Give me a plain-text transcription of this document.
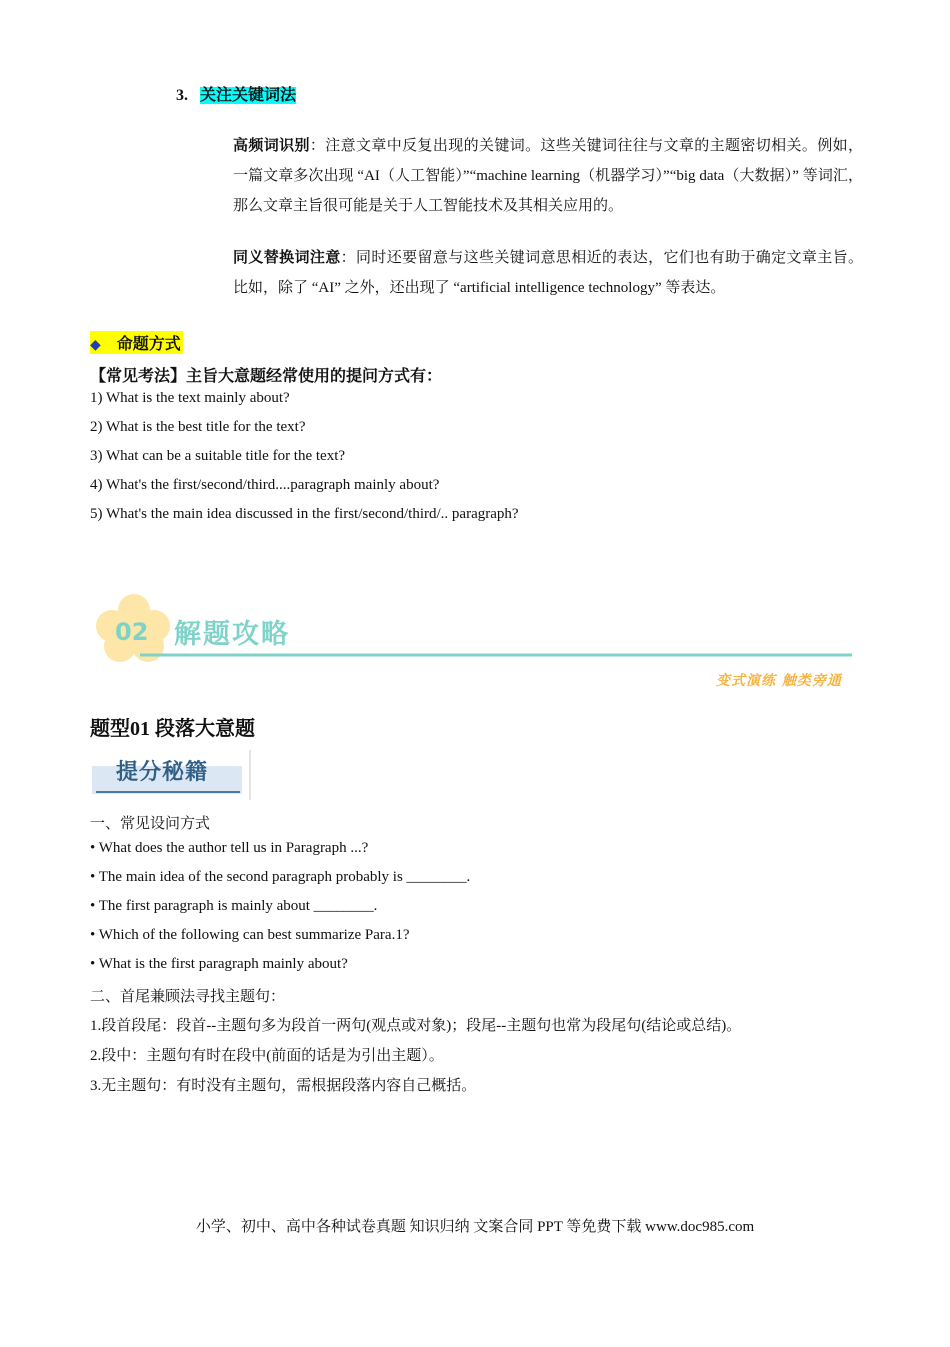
3. 关注关键词法
高频词识别：注意文章中反复出现的关键词。这些关键词往往与文章的主题密切相关。例如，一篇文章多次出现 “AI（人工智能）”“machine learning（机器学习）”“big data（大数据）” 等词汇，那么文章主旨很可能是关于人工智能技术及其相关应用的。
同义替换词注意：同时还要留意与这些关键词意思相近的表达，它们也有助于确定文章主旨。比如，除了 “AI” 之外，还出现了 “artificial intelligence technology” 等表达。
◆ 命题方式
【常见考法】主旨大意题经常使用的提问方式有：
1) What is the text mainly about?
2) What is the best title for the text?
3) What can be a suitable title for the text?
4) What's the first/second/third....paragraph mainly about?
5) What's the main idea discussed in the first/second/third/.. paragraph?
02 解题攻略
变式演练 触类旁通
题型01 段落大意题
提分秘籍
一、常见设问方式
• What does the author tell us in Paragraph ...?
• The main idea of the second paragraph probably is ________.
• The first paragraph is mainly about ________.
• Which of the following can best summarize Para.1?
• What is the first paragraph mainly about?
二、首尾兼顾法寻找主题句：
1.段首段尾：段首--主题句多为段首一两句(观点或对象)；段尾--主题句也常为段尾句(结论或总结)。
2.段中：主题句有时在段中(前面的话是为引出主题）。
3.无主题句：有时没有主题句，需根据段落内容自己概括。
小学、初中、高中各种试卷真题 知识归纳 文案合同 PPT 等免费下载 www.doc985.com
